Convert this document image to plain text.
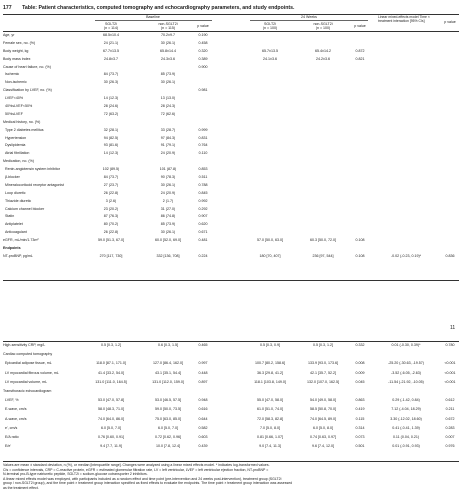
177 Table: Patient characteristics, computed tomography and echocardiography parameters, and study endpoints.
Baseline	24 Weeks	Linear mixed-effects model Time × treatment interaction [95% CIs]
SGLT2i	non-SGLT2i	SGLT2i	non-SGLT2i
(n = 114)	(n = 115)	p value	(n = 100)	(n = 100)	p value
p value
Age, yr	68.5±10.4	70.2±9.7	0.190
Female sex, no. (%)	24 (21.1)	30 (26.1)	0.458
Body weight, kg	67.7±13.5	65.8±14.4	0.320	65.7±13.5	65.4±14.2	0.872
Body mass index	24.8±3.7	24.3±3.6	0.389	24.1±3.6	24.2±3.6	0.821
Cause of heart failure, no. (%)	0.900
Ischemic	84 (73.7)	85 (73.9)
Non-ischemic	30 (26.3)	30 (26.1)
Classification by LVEF, no. (%)	0.981
LVEF<40%	14 (12.3)	13 (13.0)
40%≤LVEF<50%	28 (24.6)	28 (24.3)
50%≤LVEF	72 (63.2)	72 (62.6)
Medical history, no. (%)
Type 2 diabetes mellitus	32 (28.1)	33 (28.7)	0.999
Hypertension	94 (82.5)	97 (84.3)	0.831
Dyslipidemia	93 (81.6)	91 (79.1)	0.764
Atrial fibrillation	14 (12.3)	24 (20.9)	0.110
Medication, no. (%)
Renin-angiotensin system inhibitor	102 (89.5)	101 (87.8)	0.853
β-blocker	84 (73.7)	90 (78.3)	0.511
Mineralocorticoid receptor antagonist	27 (23.7)	30 (26.1)	0.788
Loop diuretic	26 (22.8)	24 (20.9)	0.845
Thiazide diuretic	3 (2.6)	2 (1.7)	0.992
Calcium channel blocker	23 (20.2)	31 (27.0)	0.292
Statin	87 (76.3)	86 (74.8)	0.907
Antiplatelet	80 (70.2)	85 (73.9)	0.620
Anticoagulant	26 (22.8)	30 (26.1)	0.671
eGFR, mL/min/1.73m²	59.0 [51.3, 67.0]	60.0 [52.0, 69.0]	0.481	57.0 [50.0, 63.0]	60.3 [50.0, 72.0]	0.108
Endpoints
NT-proBNP, pg/mL	270 [117, 730]	332 [136, 708]	0.224	180 [70, 407]	236 [97, 544]	0.108	-0.02 (-0.23, 0.19)*	0.836
11
High-sensitivity CRP, mg/L	0.5 [0.3, 1.2]	0.6 [0.3, 1.5]	0.465	0.5 [0.3, 0.9]	0.5 [0.3, 1.2]	0.332	0.01 (-0.30, 0.39)*	0.780
Cardiac computed tomography
Epicardial adipose tissue, mL	118.0 [87.1, 171.0]	127.0 [86.4, 162.0]	0.997	100.7 [80.2, 158.6]	133.9 [93.0, 173.6]	0.008	-25.20 (-30.63, -19.57)	<0.001
LV myocardial fibrous volume, mL	41.4 [33.2, 54.0]	43.1 [35.1, 54.4]	0.448	36.3 [29.8, 41.2]	42.1 [35.7, 52.2]	0.009	-3.52 (-6.05, -2.63)	<0.001
LV myocardial volume, mL	131.0 [111.0, 164.5]	131.0 [112.0, 159.0]	0.897	118.1 [103.8, 149.0]	132.0 [107.0, 162.5]	0.045	-11.54 (-21.92, -10.05)	<0.001
Transthoracic echocardiogram
LVEF, %	53.0 [47.0, 57.8]	53.0 [46.5, 57.5]	0.948	55.0 [47.0, 58.0]	54.0 [49.0, 58.0]	0.863	0.29 (-1.42, 0.84)	0.612
E-wave, cm/s	58.0 [48.3, 71.0]	59.0 [50.0, 73.5]	0.616	61.0 [51.0, 74.0]	58.5 [50.8, 70.0]	0.419	7.12 (-4.04, 18.29)	0.211
A-wave, cm/s	74.0 [64.0, 86.0]	75.0 [63.0, 85.0]	0.644	72.0 [58.3, 82.8]	74.0 [64.5, 89.0]	0.115	3.30 (-12.02, 18.60)	0.672
e', cm/s	6.0 [5.0, 7.0]	6.0 [5.0, 7.0]	0.582	7.0 [5.0, 8.0]	6.0 [5.0, 8.0]	0.314	0.41 (-0.41, 1.39)	0.283
E/A ratio	0.76 [0.60, 0.91]	0.72 [0.62, 0.96]	0.603	0.81 [0.66, 1.07]	0.74 [0.63, 0.97]	0.073	0.11 (0.04, 0.21)	0.007
E/e'	9.4 [7.7, 11.9]	10.0 [7.8, 12.4]	0.439	9.0 [7.4, 11.3]	9.6 [7.4, 12.0]	0.501	0.01 (-0.91, 0.93)	0.976
Values are mean ± standard deviation, n (%), or median [interquartile range]. Changes were analyzed using a linear mixed effects model. * indicates log-transformed values.
CIs = confidence intervals, CRP = C-reactive protein, eGFR = estimated glomerular filtration rate, LV = left ventricular, LVEF = left ventricular ejection fraction, NT-proBNP =
N-terminal pro-B-type natriuretic peptide, SGLT2i = sodium-glucose cotransporter 2 inhibitors.
A linear mixed effects model was employed, with participants included as a random effect and time point (pre-intervention and 24 weeks post-intervention), treatment group (SGLT2i
group / non-SGLT2i group), and the time point × treatment group interaction specified as fixed effects to evaluate the endpoints. The time point × treatment group interaction was assessed
as the treatment effect.
